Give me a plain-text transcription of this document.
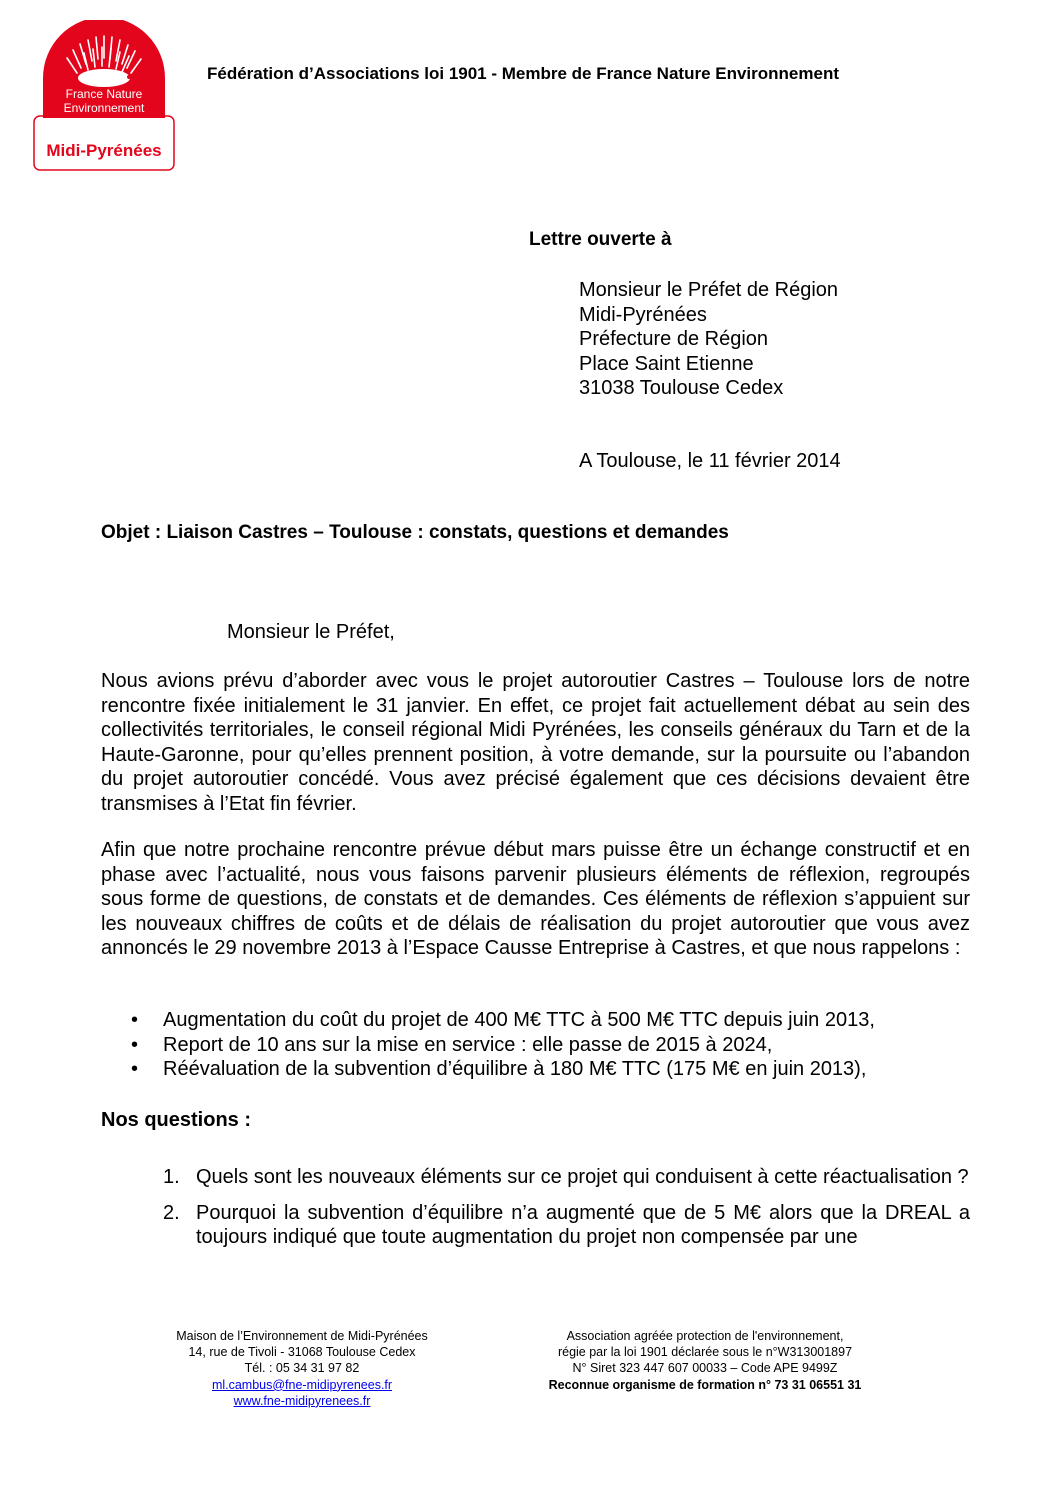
France Nature
Environnement
Midi-Pyrénées
Fédération d’Associations loi 1901 - Membre de France Nature Environnement
Lettre ouverte à
Monsieur le Préfet de Région
Midi-Pyrénées
Préfecture de Région
Place Saint Etienne
31038 Toulouse Cedex
A Toulouse, le 11 février 2014
Objet : Liaison Castres – Toulouse : constats, questions et demandes
Monsieur le Préfet,
Nous avions prévu d’aborder avec vous le projet autoroutier Castres – Toulouse lors de notre rencontre fixée initialement le 31 janvier. En effet, ce projet fait actuellement débat au sein des collectivités territoriales, le conseil régional Midi Pyrénées, les conseils généraux du Tarn et de la Haute-Garonne, pour qu’elles prennent position, à votre demande, sur la poursuite ou l’abandon du projet autoroutier concédé. Vous avez précisé également que ces décisions devaient être transmises à l’Etat fin février.
Afin que notre prochaine rencontre prévue début mars puisse être un échange constructif et en phase avec l’actualité, nous vous faisons parvenir plusieurs éléments de réflexion, regroupés sous forme de questions, de constats et de demandes. Ces éléments de réflexion s’appuient sur les nouveaux chiffres de coûts et de délais de réalisation du projet autoroutier que vous avez annoncés le 29 novembre 2013 à l’Espace Causse Entreprise à Castres, et que nous rappelons :
• Augmentation du coût du projet de 400 M€ TTC à 500 M€ TTC depuis juin 2013,
• Report de 10 ans sur la mise en service : elle passe de 2015 à 2024,
• Réévaluation de la subvention d’équilibre à 180 M€ TTC (175 M€ en juin 2013),
Nos questions :
1. Quels sont les nouveaux éléments sur ce projet qui conduisent à cette réactualisation ?
2. Pourquoi la subvention d’équilibre n’a augmenté que de 5 M€ alors que la DREAL a toujours indiqué que toute augmentation du projet non compensée par une
Maison de l’Environnement de Midi-Pyrénées
14, rue de Tivoli - 31068 Toulouse Cedex
Tél. : 05 34 31 97 82
ml.cambus@fne-midipyrenees.fr
www.fne-midipyrenees.fr
Association agréée protection de l'environnement,
régie par la loi 1901 déclarée sous le n°W313001897
N° Siret 323 447 607 00033 – Code APE 9499Z
Reconnue organisme de formation n° 73 31 06551 31
